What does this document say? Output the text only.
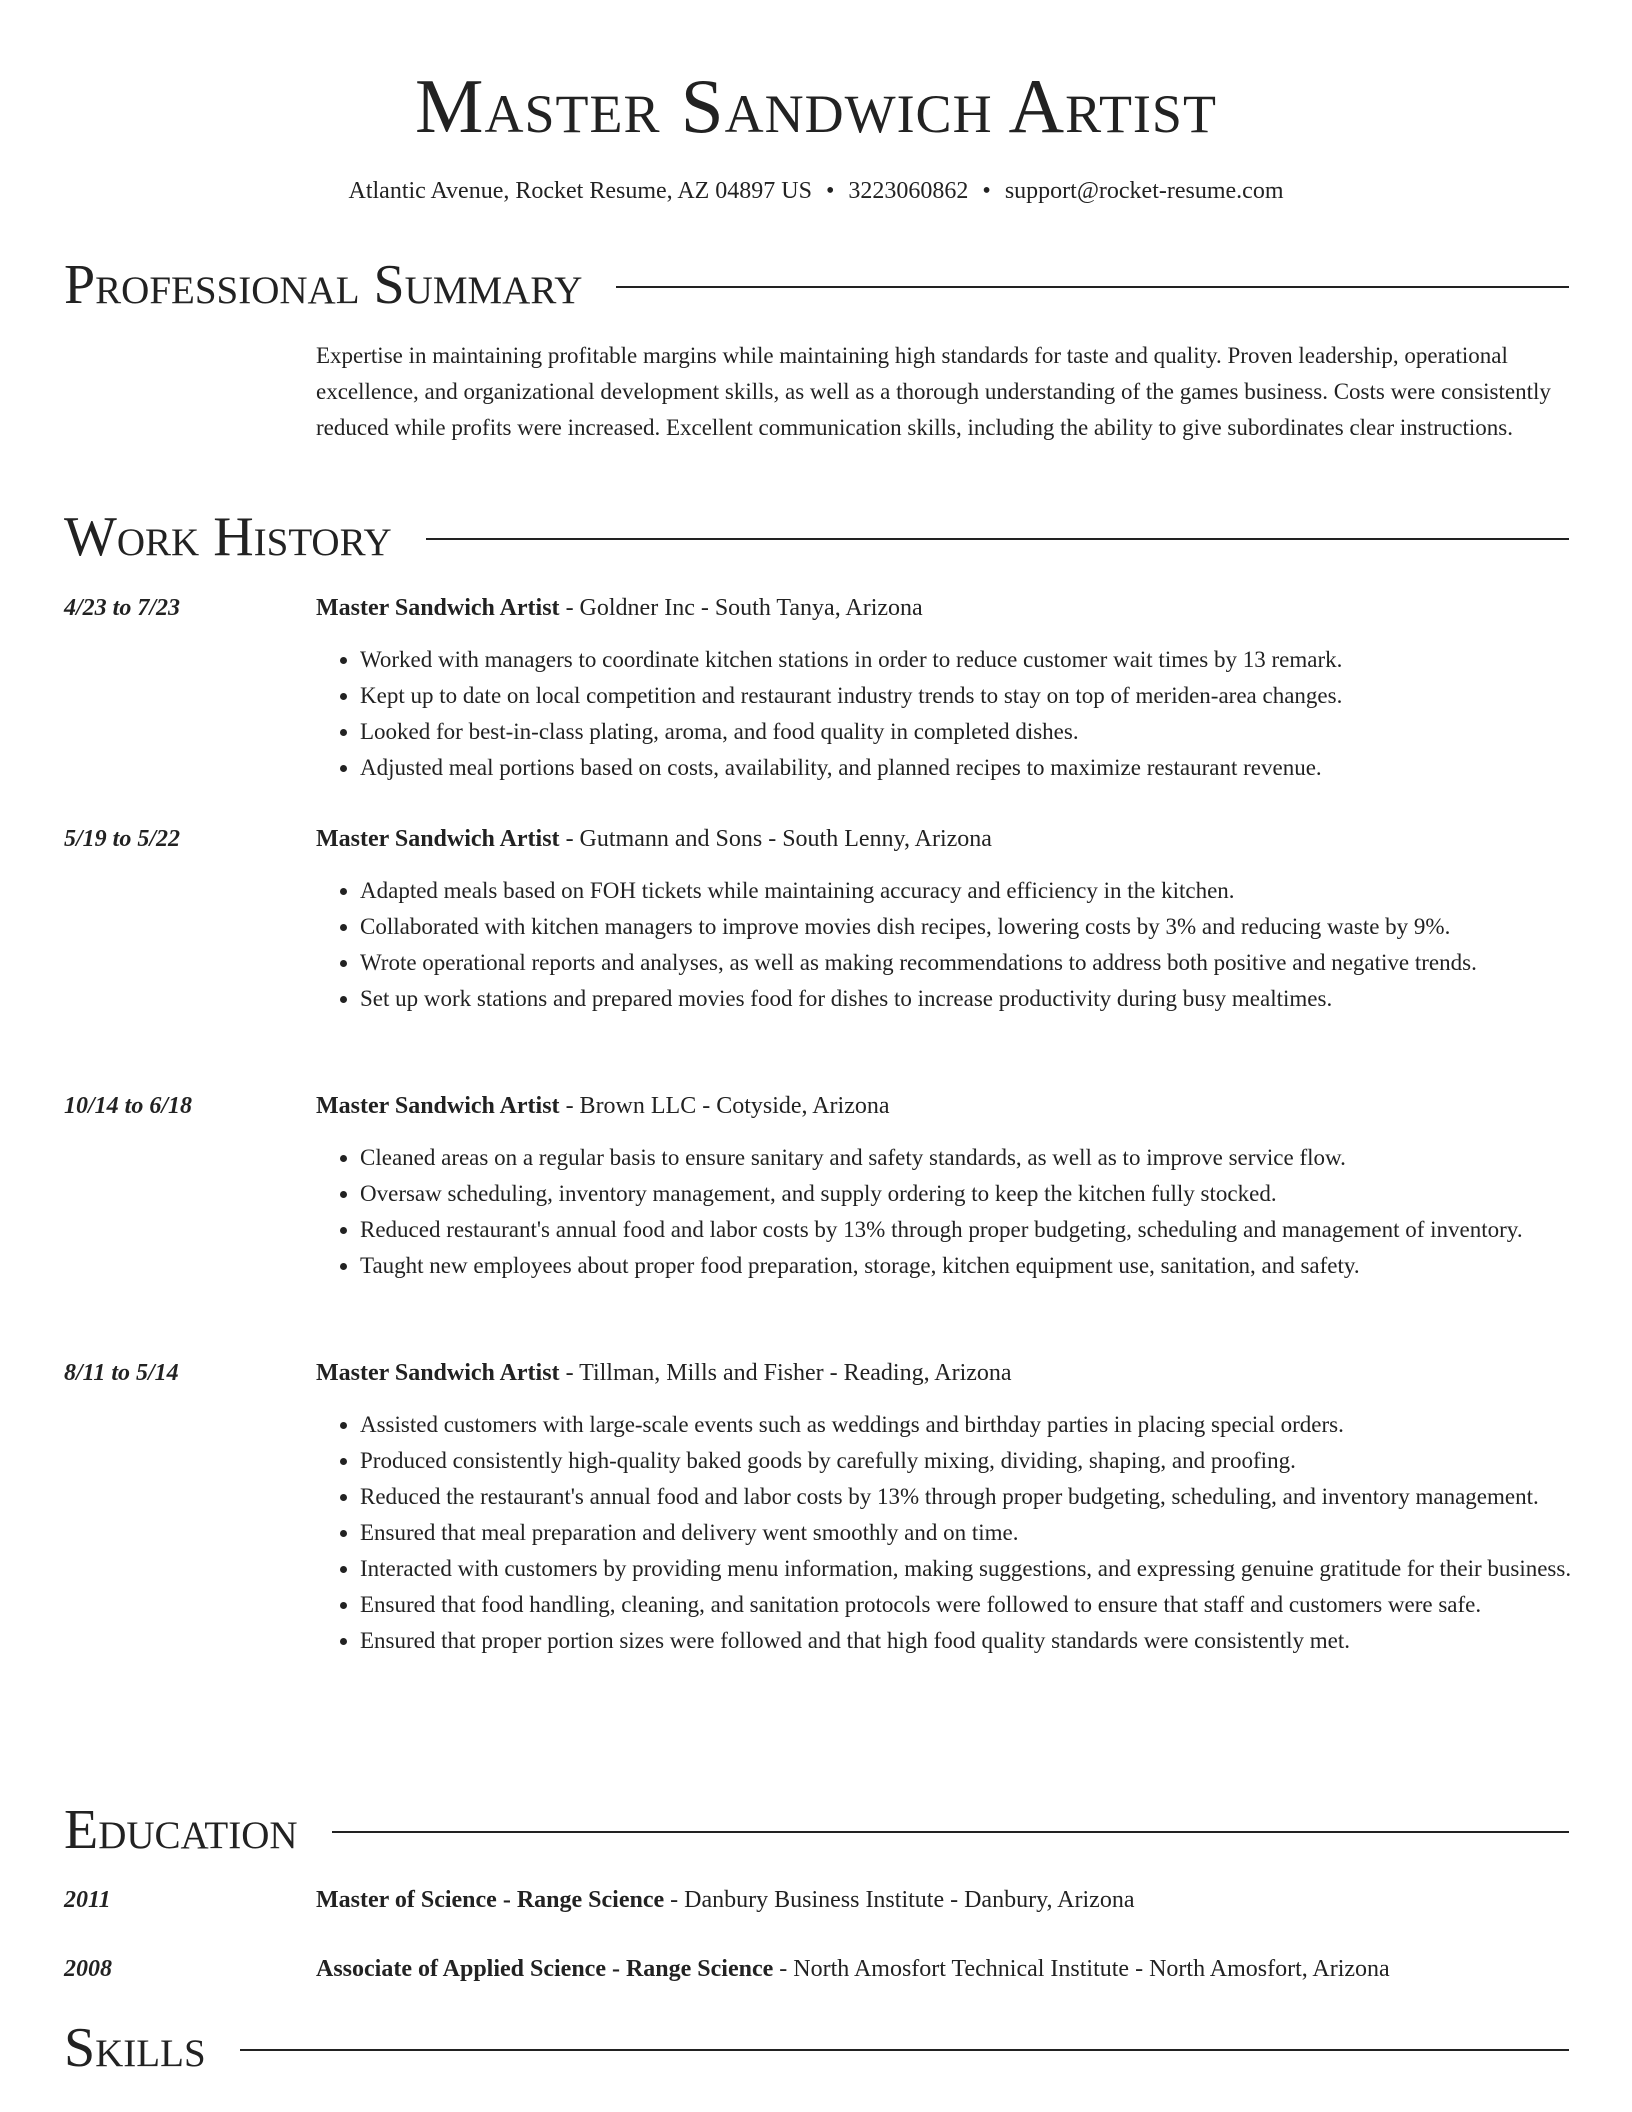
Master Sandwich Artist
Atlantic Avenue, Rocket Resume, AZ 04897 US • 3223060862 • support@rocket-resume.com
Professional Summary

Expertise in maintaining profitable margins while maintaining high standards for taste and quality. Proven leadership, operational excellence, and organizational development skills, as well as a thorough understanding of the games business. Costs were consistently reduced while profits were increased. Excellent communication skills, including the ability to give subordinates clear instructions.

Work History
4/23 to 7/23	Master Sandwich Artist - Goldner Inc - South Tanya, Arizona
• Worked with managers to coordinate kitchen stations in order to reduce customer wait times by 13 remark.
• Kept up to date on local competition and restaurant industry trends to stay on top of meriden-area changes.
• Looked for best-in-class plating, aroma, and food quality in completed dishes.
• Adjusted meal portions based on costs, availability, and planned recipes to maximize restaurant revenue.
5/19 to 5/22	Master Sandwich Artist - Gutmann and Sons - South Lenny, Arizona
• Adapted meals based on FOH tickets while maintaining accuracy and efficiency in the kitchen.
• Collaborated with kitchen managers to improve movies dish recipes, lowering costs by 3% and reducing waste by 9%.
• Wrote operational reports and analyses, as well as making recommendations to address both positive and negative trends.
• Set up work stations and prepared movies food for dishes to increase productivity during busy mealtimes.
10/14 to 6/18	Master Sandwich Artist - Brown LLC - Cotyside, Arizona
• Cleaned areas on a regular basis to ensure sanitary and safety standards, as well as to improve service flow.
• Oversaw scheduling, inventory management, and supply ordering to keep the kitchen fully stocked.
• Reduced restaurant's annual food and labor costs by 13% through proper budgeting, scheduling and management of inventory.
• Taught new employees about proper food preparation, storage, kitchen equipment use, sanitation, and safety.
8/11 to 5/14	Master Sandwich Artist - Tillman, Mills and Fisher - Reading, Arizona
• Assisted customers with large-scale events such as weddings and birthday parties in placing special orders.
• Produced consistently high-quality baked goods by carefully mixing, dividing, shaping, and proofing.
• Reduced the restaurant's annual food and labor costs by 13% through proper budgeting, scheduling, and inventory management.
• Ensured that meal preparation and delivery went smoothly and on time.
• Interacted with customers by providing menu information, making suggestions, and expressing genuine gratitude for their business.
• Ensured that food handling, cleaning, and sanitation protocols were followed to ensure that staff and customers were safe.
• Ensured that proper portion sizes were followed and that high food quality standards were consistently met.
Education
2011	Master of Science - Range Science - Danbury Business Institute - Danbury, Arizona
2008	Associate of Applied Science - Range Science - North Amosfort Technical Institute - North Amosfort, Arizona
Skills
